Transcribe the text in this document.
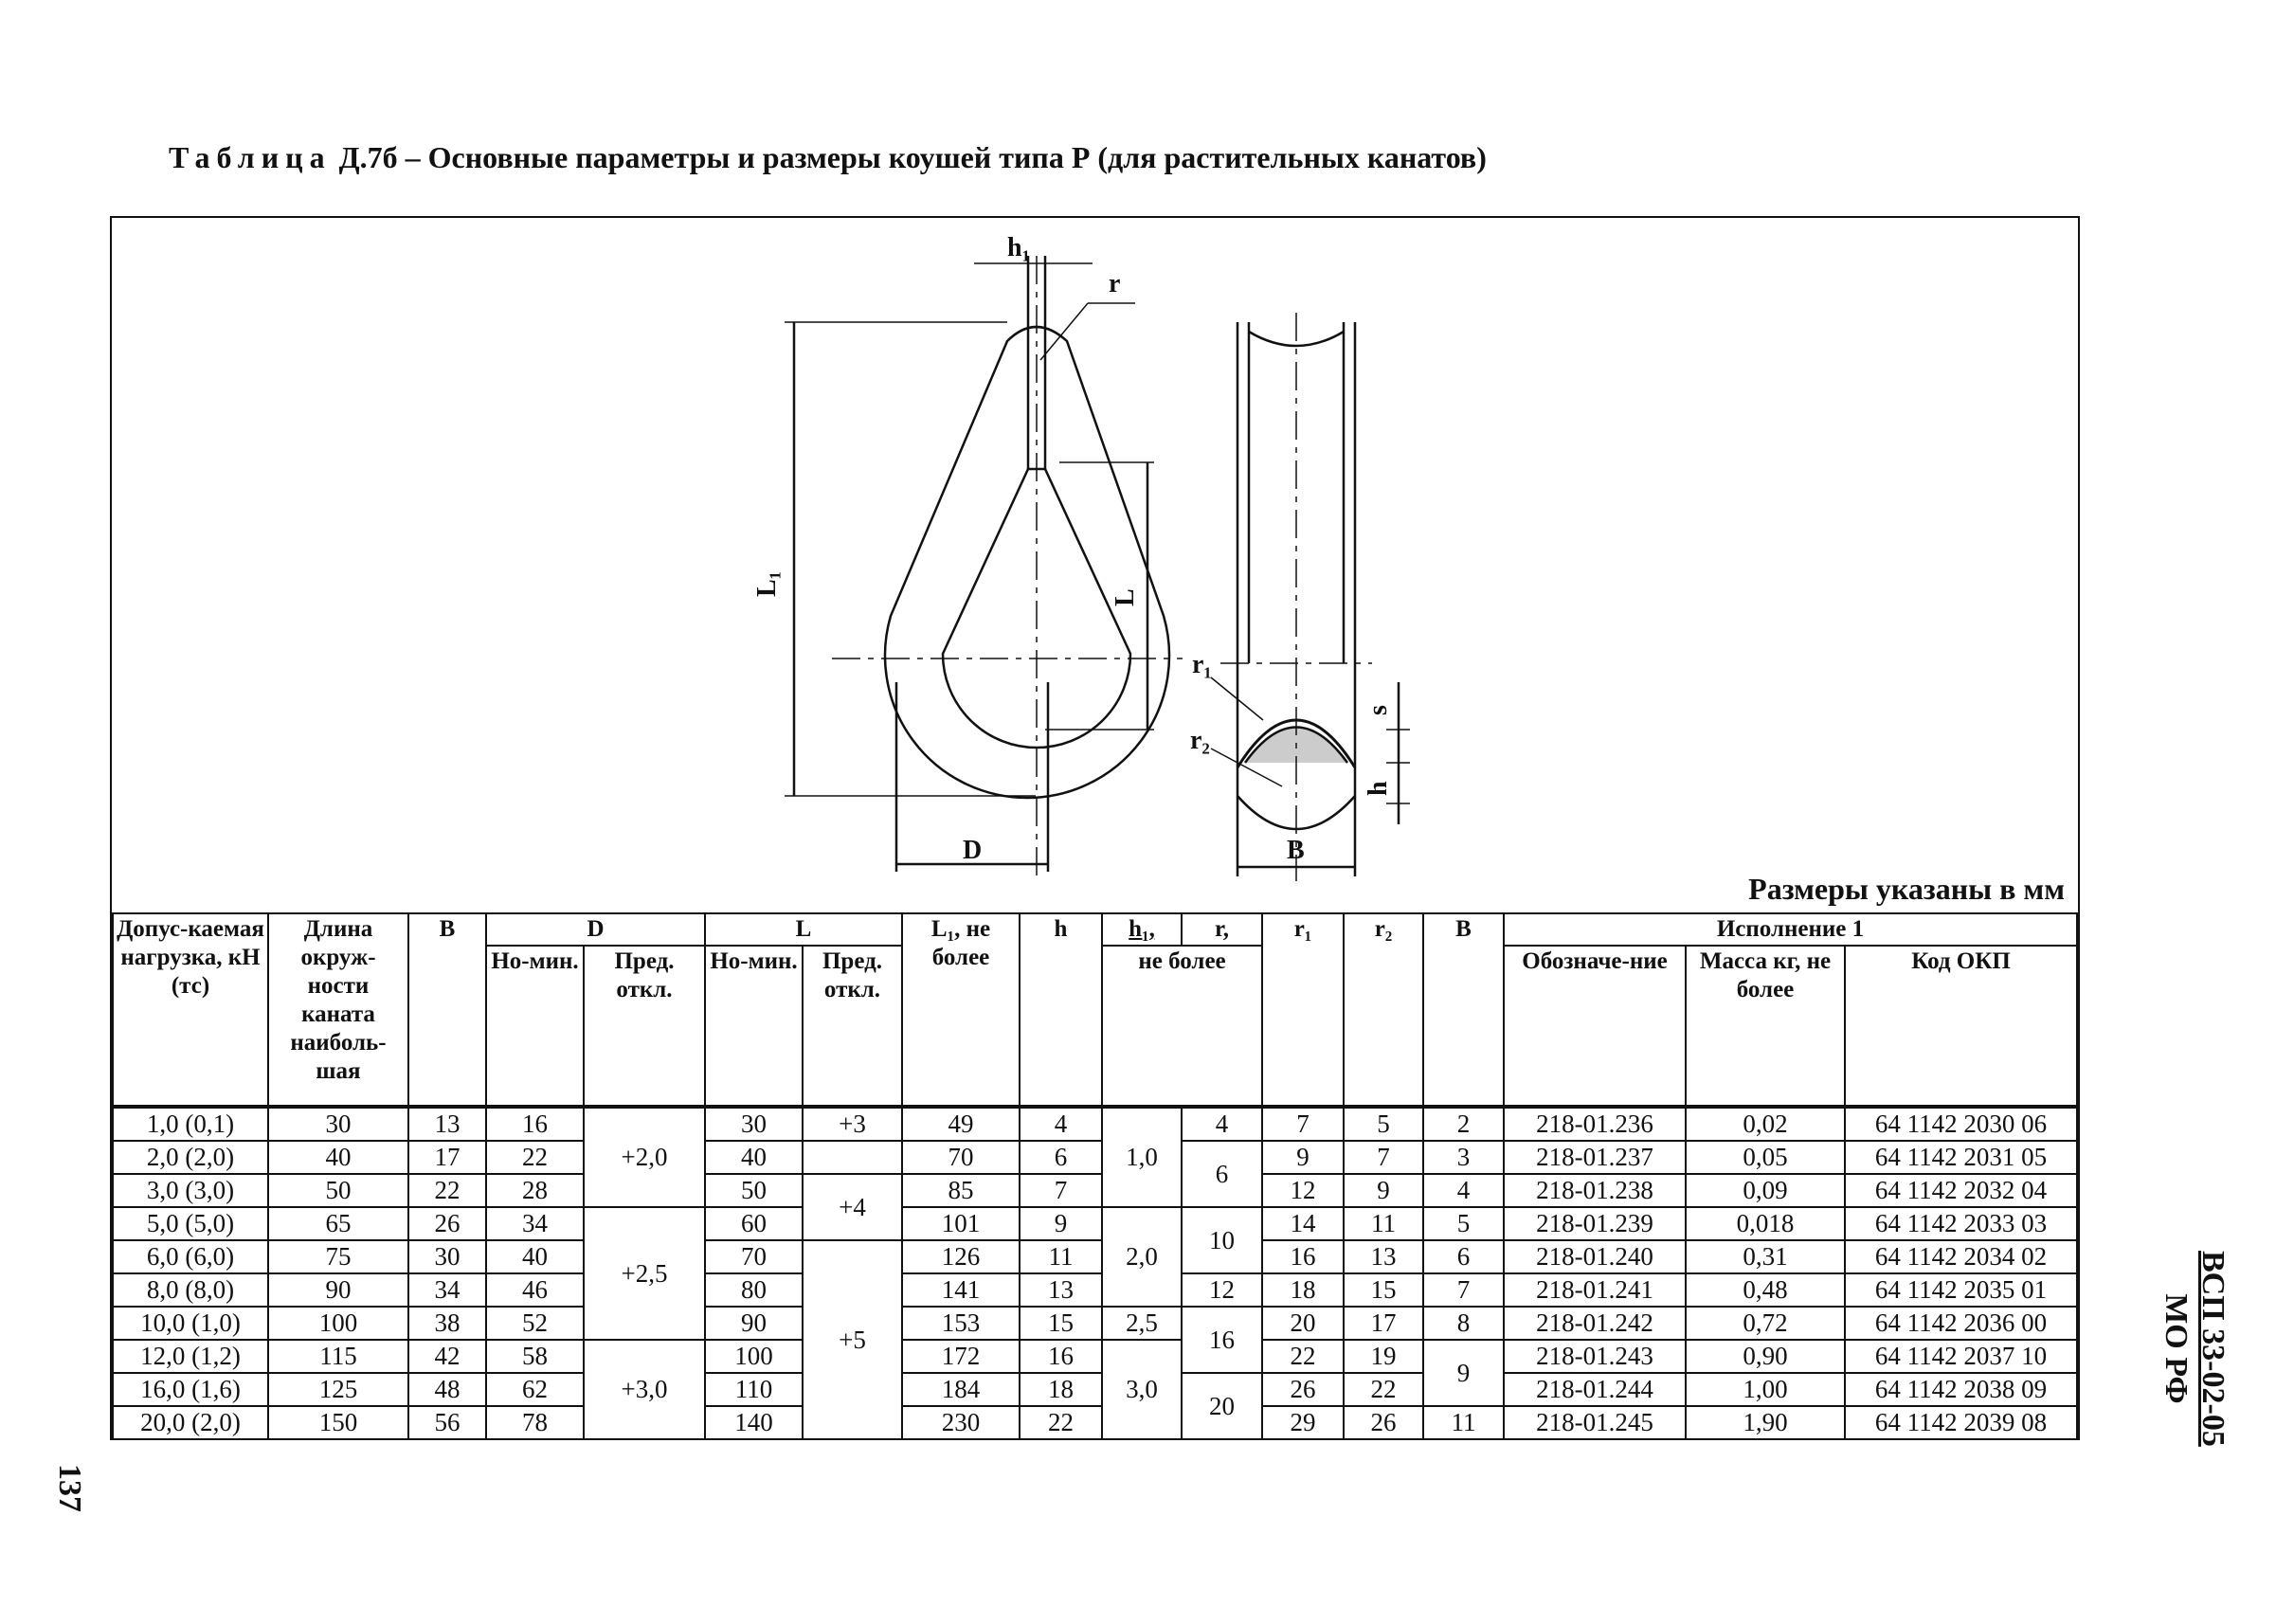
Таблица Д.7б – Основные параметры и размеры коушей типа Р (для растительных канатов)
h₁
r
L₁
L
D
r₁
r₂
s
h
B
Размеры указаны в мм
Допус-каемая нагрузка, кН (тс)	Длина окруж-ности каната наиболь-шая	B	D		L		L₁, не более	h	h₁,	r,	r₁	r₂	B	Исполнение 1		
			Но-мин.	Пред. откл.	Но-мин.	Пред. откл.			не более					Обозначе-ние	Масса кг, не более	Код ОКП
1,0 (0,1)	30	13	16	+2,0	30	+3	49	4	1,0	4	7	5	2	218-01.236	0,02	64 1142 2030 06
2,0 (2,0)	40	17	22		40		70	6		6	9	7	3	218-01.237	0,05	64 1142 2031 05
3,0 (3,0)	50	22	28		50	+4	85	7			12	9	4	218-01.238	0,09	64 1142 2032 04
5,0 (5,0)	65	26	34	+2,5	60		101	9	2,0	10	14	11	5	218-01.239	0,018	64 1142 2033 03
6,0 (6,0)	75	30	40		70	+5	126	11			16	13	6	218-01.240	0,31	64 1142 2034 02
8,0 (8,0)	90	34	46		80		141	13		12	18	15	7	218-01.241	0,48	64 1142 2035 01
10,0 (1,0)	100	38	52		90		153	15	2,5	16	20	17	8	218-01.242	0,72	64 1142 2036 00
12,0 (1,2)	115	42	58	+3,0	100		172	16	3,0		22	19	9	218-01.243	0,90	64 1142 2037 10
16,0 (1,6)	125	48	62		110		184	18		20	26	22		218-01.244	1,00	64 1142 2038 09
20,0 (2,0)	150	56	78		140		230	22			29	26	11	218-01.245	1,90	64 1142 2039 08	ВСП 33-02-05
МО РФ
137
